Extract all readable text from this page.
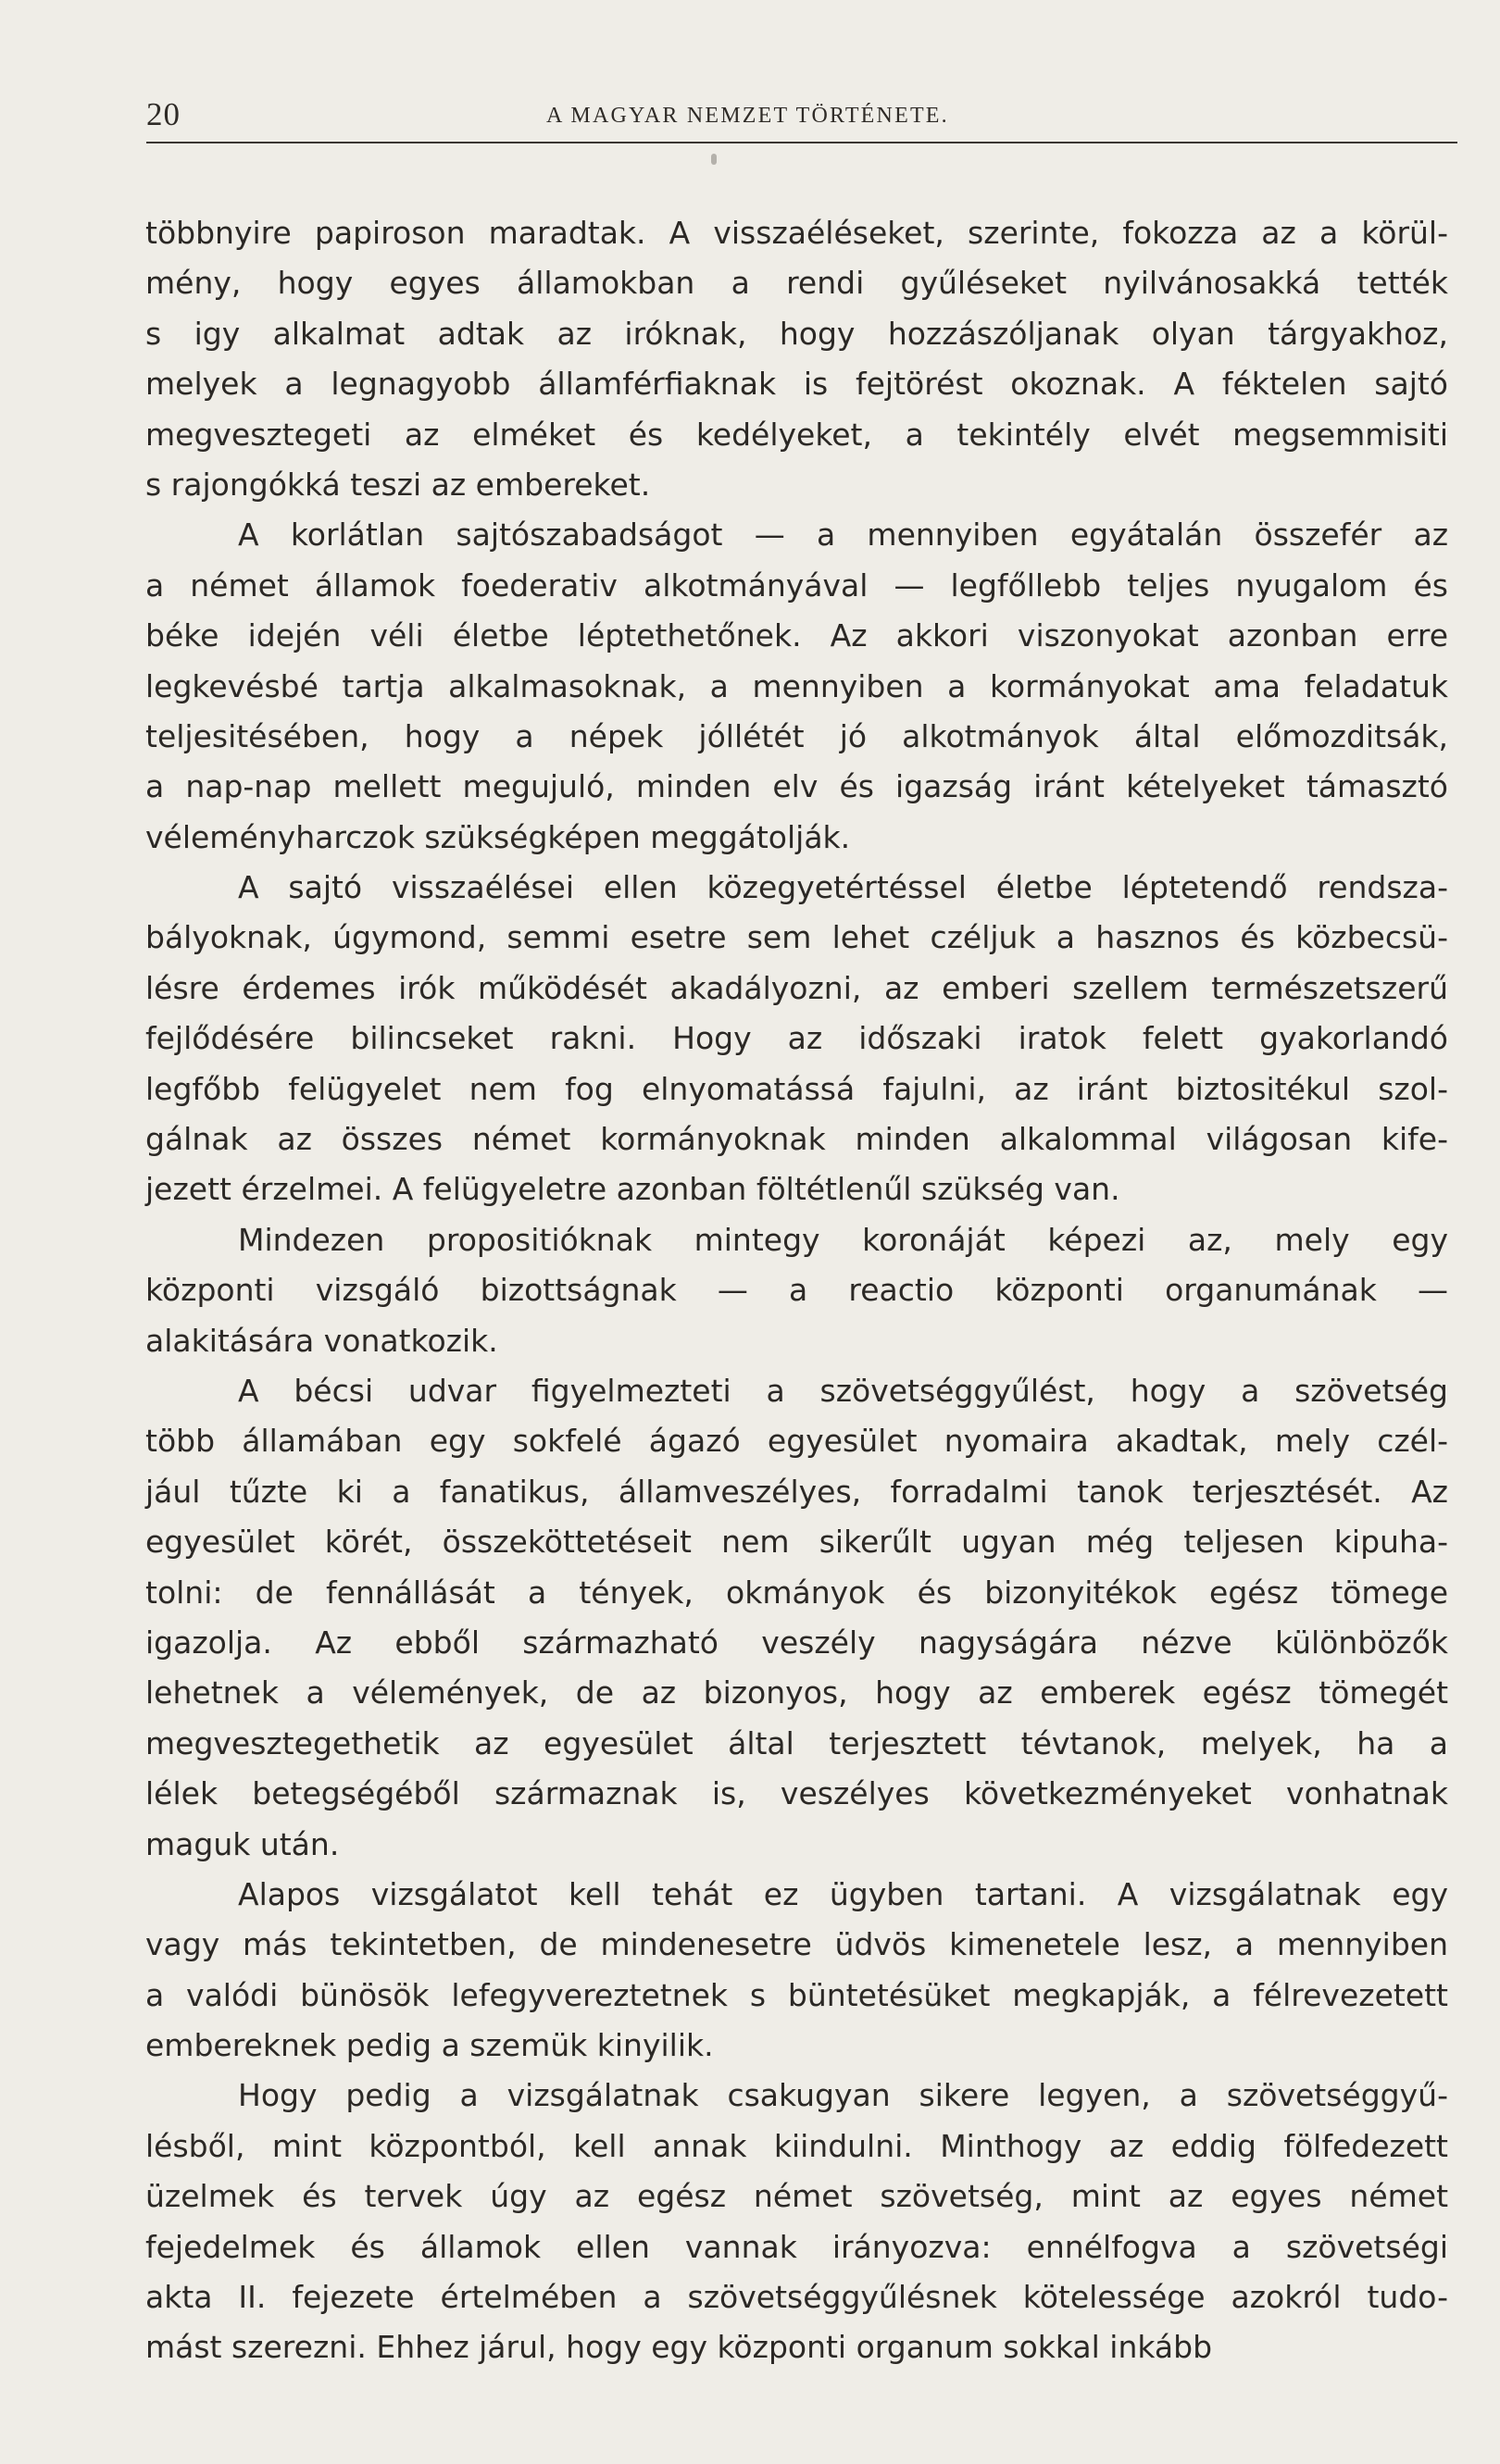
20	A MAGYAR NEMZET TÖRTÉNETE.
többnyire papiroson maradtak. A visszaéléseket, szerinte, fokozza az a körül-
mény, hogy egyes államokban a rendi gyűléseket nyilvánosakká tették
s igy alkalmat adtak az iróknak, hogy hozzászóljanak olyan tárgyakhoz,
melyek a legnagyobb államférfiaknak is fejtörést okoznak. A féktelen sajtó
megvesztegeti az elméket és kedélyeket, a tekintély elvét megsemmisiti
s rajongókká teszi az embereket.
A korlátlan sajtószabadságot — a mennyiben egyátalán összefér az
a német államok foederativ alkotmányával — legfőllebb teljes nyugalom és
béke idején véli életbe léptethetőnek. Az akkori viszonyokat azonban erre
legkevésbé tartja alkalmasoknak, a mennyiben a kormányokat ama feladatuk
teljesitésében, hogy a népek jóllétét jó alkotmányok által előmozditsák,
a nap-nap mellett megujuló, minden elv és igazság iránt kételyeket támasztó
véleményharczok szükségképen meggátolják.
A sajtó visszaélései ellen közegyetértéssel életbe léptetendő rendsza-
bályoknak, úgymond, semmi esetre sem lehet czéljuk a hasznos és közbecsü-
lésre érdemes irók működését akadályozni, az emberi szellem természetszerű
fejlődésére bilincseket rakni. Hogy az időszaki iratok felett gyakorlandó
legfőbb felügyelet nem fog elnyomatássá fajulni, az iránt biztositékul szol-
gálnak az összes német kormányoknak minden alkalommal világosan kife-
jezett érzelmei. A felügyeletre azonban föltétlenűl szükség van.
Mindezen propositióknak mintegy koronáját képezi az, mely egy
központi vizsgáló bizottságnak — a reactio központi organumának —
alakitására vonatkozik.
A bécsi udvar figyelmezteti a szövetséggyűlést, hogy a szövetség
több államában egy sokfelé ágazó egyesület nyomaira akadtak, mely czél-
jául tűzte ki a fanatikus, államveszélyes, forradalmi tanok terjesztését. Az
egyesület körét, összeköttetéseit nem sikerűlt ugyan még teljesen kipuha-
tolni: de fennállását a tények, okmányok és bizonyitékok egész tömege
igazolja. Az ebből származható veszély nagyságára nézve különbözők
lehetnek a vélemények, de az bizonyos, hogy az emberek egész tömegét
megvesztegethetik az egyesület által terjesztett tévtanok, melyek, ha a
lélek betegségéből származnak is, veszélyes következményeket vonhatnak
maguk után.
Alapos vizsgálatot kell tehát ez ügyben tartani. A vizsgálatnak egy
vagy más tekintetben, de mindenesetre üdvös kimenetele lesz, a mennyiben
a valódi bünösök lefegyvereztetnek s büntetésüket megkapják, a félrevezetett
embereknek pedig a szemük kinyilik.
Hogy pedig a vizsgálatnak csakugyan sikere legyen, a szövetséggyű-
lésből, mint központból, kell annak kiindulni. Minthogy az eddig fölfedezett
üzelmek és tervek úgy az egész német szövetség, mint az egyes német
fejedelmek és államok ellen vannak irányozva: ennélfogva a szövetségi
akta II. fejezete értelmében a szövetséggyűlésnek kötelessége azokról tudo-
mást szerezni. Ehhez járul, hogy egy központi organum sokkal inkább
